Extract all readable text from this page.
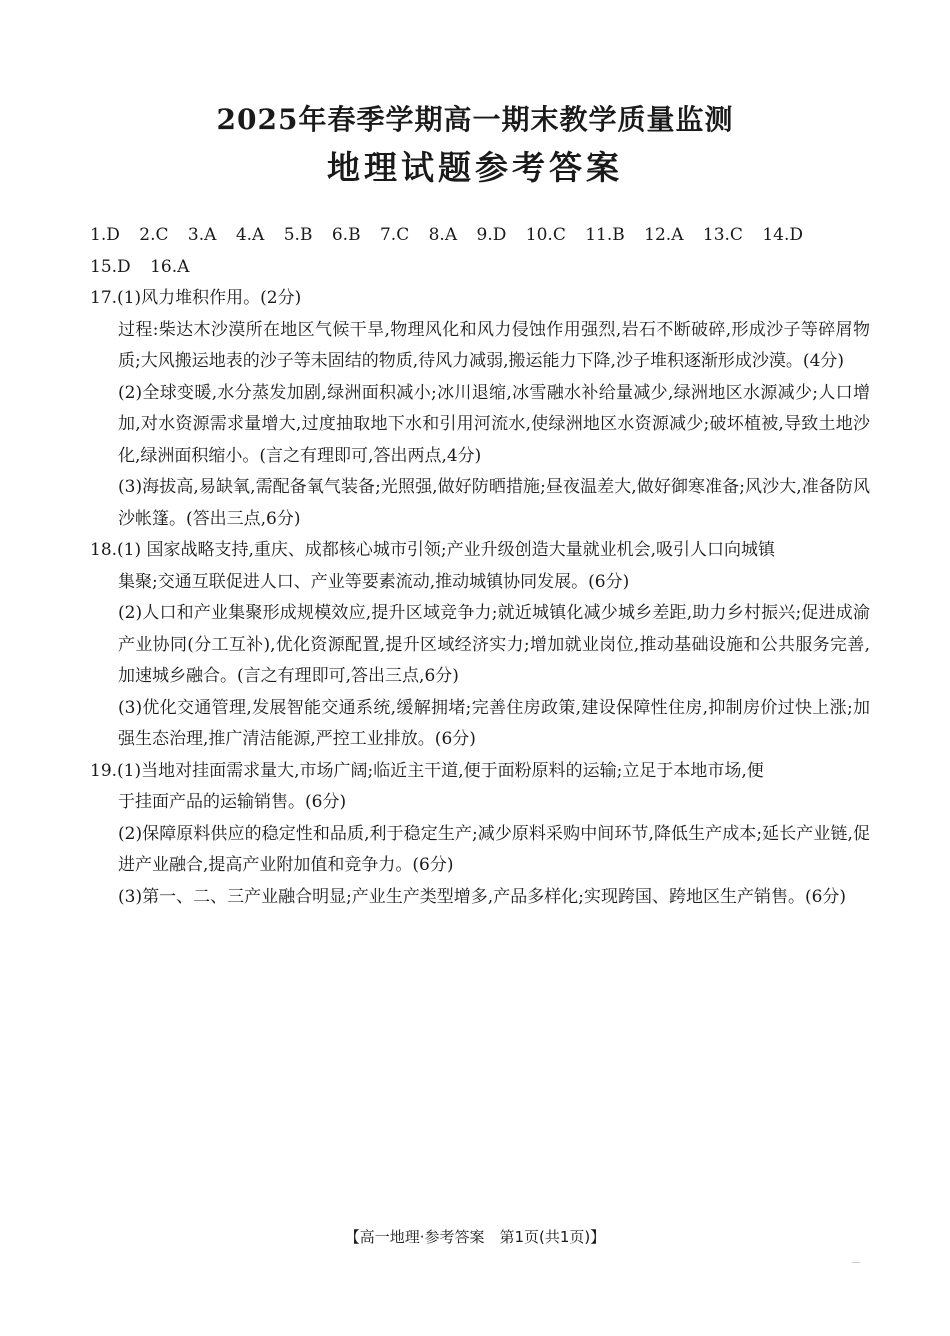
2025年春季学期高一期末教学质量监测
地理试题参考答案
1.D 2.C 3.A 4.A 5.B 6.B 7.C 8.A 9.D 10.C 11.B 12.A 13.C 14.D
15.D 16.A
17.(1)风力堆积作用。(2分)
过程:柴达木沙漠所在地区气候干旱,物理风化和风力侵蚀作用强烈,岩石不断破碎,形成沙子等碎屑物质;大风搬运地表的沙子等未固结的物质,待风力减弱,搬运能力下降,沙子堆积逐渐形成沙漠。(4分)
(2)全球变暖,水分蒸发加剧,绿洲面积减小;冰川退缩,冰雪融水补给量减少,绿洲地区水源减少;人口增加,对水资源需求量增大,过度抽取地下水和引用河流水,使绿洲地区水资源减少;破坏植被,导致土地沙化,绿洲面积缩小。(言之有理即可,答出两点,4分)
(3)海拔高,易缺氧,需配备氧气装备;光照强,做好防晒措施;昼夜温差大,做好御寒准备;风沙大,准备防风沙帐篷。(答出三点,6分)
18.(1) 国家战略支持,重庆、成都核心城市引领;产业升级创造大量就业机会,吸引人口向城镇
集聚;交通互联促进人口、产业等要素流动,推动城镇协同发展。(6分)
(2)人口和产业集聚形成规模效应,提升区域竞争力;就近城镇化减少城乡差距,助力乡村振兴;促进成渝产业协同(分工互补),优化资源配置,提升区域经济实力;增加就业岗位,推动基础设施和公共服务完善,加速城乡融合。(言之有理即可,答出三点,6分)
(3)优化交通管理,发展智能交通系统,缓解拥堵;完善住房政策,建设保障性住房,抑制房价过快上涨;加强生态治理,推广清洁能源,严控工业排放。(6分)
19.(1)当地对挂面需求量大,市场广阔;临近主干道,便于面粉原料的运输;立足于本地市场,便
于挂面产品的运输销售。(6分)
(2)保障原料供应的稳定性和品质,利于稳定生产;减少原料采购中间环节,降低生产成本;延长产业链,促进产业融合,提高产业附加值和竞争力。(6分)
(3)第一、二、三产业融合明显;产业生产类型增多,产品多样化;实现跨国、跨地区生产销售。(6分)
【高一地理·参考答案　第1页(共1页)】
